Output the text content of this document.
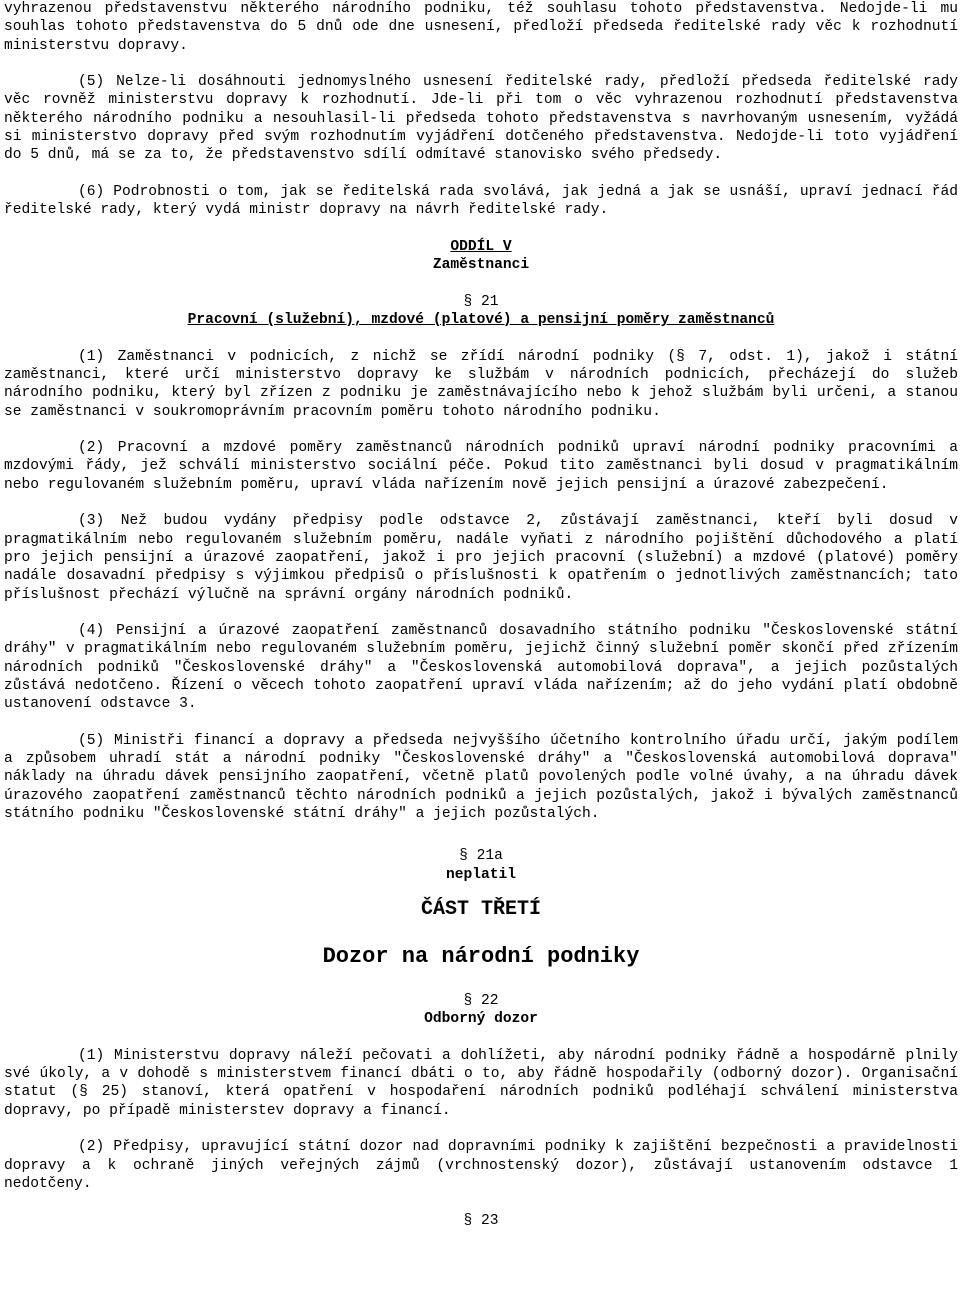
vyhrazenou představenstvu některého národního podniku, též souhlasu tohoto představenstva. Nedojde-li mu souhlas tohoto představenstva do 5 dnů ode dne usnesení, předloží předseda ředitelské rady věc k rozhodnutí ministerstvu dopravy.

(5) Nelze-li dosáhnouti jednomyslného usnesení ředitelské rady, předloží předseda ředitelské rady věc rovněž ministerstvu dopravy k rozhodnutí. Jde-li při tom o věc vyhrazenou rozhodnutí představenstva některého národního podniku a nesouhlasil-li předseda tohoto představenstva s navrhovaným usnesením, vyžádá si ministerstvo dopravy před svým rozhodnutím vyjádření dotčeného představenstva. Nedojde-li toto vyjádření do 5 dnů, má se za to, že představenstvo sdílí odmítavé stanovisko svého předsedy.

(6) Podrobnosti o tom, jak se ředitelská rada svolává, jak jedná a jak se usnáší, upraví jednací řád ředitelské rady, který vydá ministr dopravy na návrh ředitelské rady.

ODDÍL V

Zaměstnanci

§ 21

Pracovní (služební), mzdové (platové) a pensijní poměry zaměstnanců

(1) Zaměstnanci v podnicích, z nichž se zřídí národní podniky (§ 7, odst. 1), jakož i státní zaměstnanci, které určí ministerstvo dopravy ke službám v národních podnicích, přecházejí do služeb národního podniku, který byl zřízen z podniku je zaměstnávajícího nebo k jehož službám byli určeni, a stanou se zaměstnanci v soukromoprávním pracovním poměru tohoto národního podniku.

(2) Pracovní a mzdové poměry zaměstnanců národních podniků upraví národní podniky pracovními a mzdovými řády, jež schválí ministerstvo sociální péče. Pokud tito zaměstnanci byli dosud v pragmatikálním nebo regulovaném služebním poměru, upraví vláda nařízením nově jejich pensijní a úrazové zabezpečení.

(3) Než budou vydány předpisy podle odstavce 2, zůstávají zaměstnanci, kteří byli dosud v pragmatikálním nebo regulovaném služebním poměru, nadále vyňati z národního pojištění důchodového a platí pro jejich pensijní a úrazové zaopatření, jakož i pro jejich pracovní (služební) a mzdové (platové) poměry nadále dosavadní předpisy s výjimkou předpisů o příslušnosti k opatřením o jednotlivých zaměstnancích; tato příslušnost přechází výlučně na správní orgány národních podniků.

(4) Pensijní a úrazové zaopatření zaměstnanců dosavadního státního podniku "Československé státní dráhy" v pragmatikálním nebo regulovaném služebním poměru, jejichž činný služební poměr skončí před zřízením národních podniků "Československé dráhy" a "Československá automobilová doprava", a jejich pozůstalých zůstává nedotčeno. Řízení o věcech tohoto zaopatření upraví vláda nařízením; až do jeho vydání platí obdobně ustanovení odstavce 3.

(5) Ministři financí a dopravy a předseda nejvyššího účetního kontrolního úřadu určí, jakým podílem a způsobem uhradí stát a národní podniky "Československé dráhy" a "Československá automobilová doprava" náklady na úhradu dávek pensijního zaopatření, včetně platů povolených podle volné úvahy, a na úhradu dávek úrazového zaopatření zaměstnanců těchto národních podniků a jejich pozůstalých, jakož i bývalých zaměstnanců státního podniku "Československé státní dráhy" a jejich pozůstalých.

§ 21a

neplatil

ČÁST TŘETÍ

Dozor na národní podniky

§ 22

Odborný dozor

(1) Ministerstvu dopravy náleží pečovati a dohlížeti, aby národní podniky řádně a hospodárně plnily své úkoly, a v dohodě s ministerstvem financí dbáti o to, aby řádně hospodařily (odborný dozor). Organisační statut (§ 25) stanoví, která opatření v hospodaření národních podniků podléhají schválení ministerstva dopravy, po případě ministerstev dopravy a financí.

(2) Předpisy, upravující státní dozor nad dopravními podniky k zajištění bezpečnosti a pravidelnosti dopravy a k ochraně jiných veřejných zájmů (vrchnostenský dozor), zůstávají ustanovením odstavce 1 nedotčeny.

§ 23
